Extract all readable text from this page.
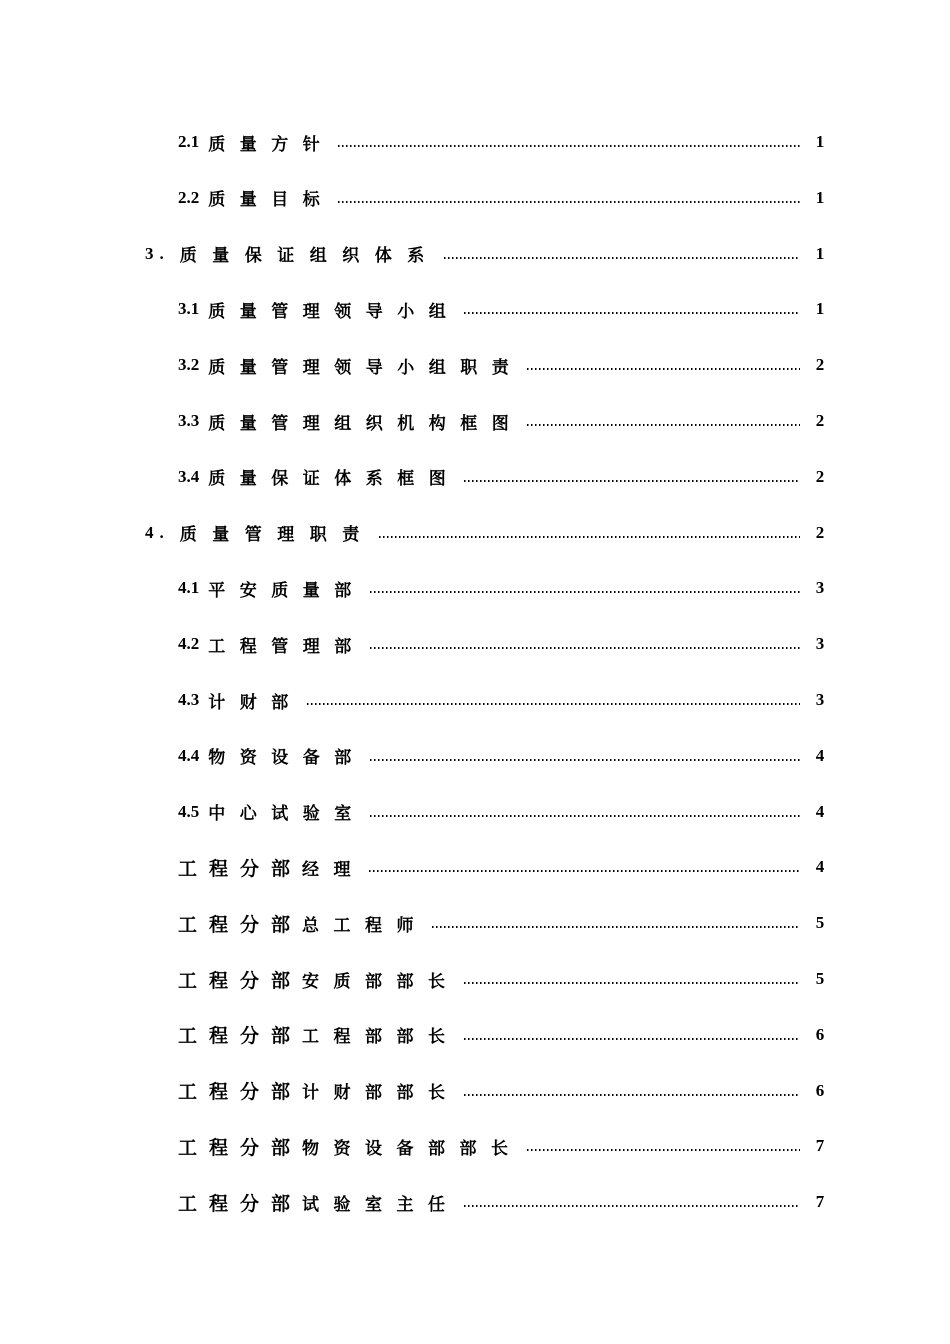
2.1 质量方针	1
2.2 质量目标	1
3. 质量保证组织体系	1
3.1 质量管理领导小组	1
3.2 质量管理领导小组职责	2
3.3 质量管理组织机构框图	2
3.4 质量保证体系框图	2
4. 质量管理职责	2
4.1 平安质量部	3
4.2 工程管理部	3
4.3 计财部	3
4.4 物资设备部	4
4.5 中心试验室	4
工程分部 经理	4
工程分部 总工程师	5
工程分部 安质部部长	5
工程分部 工程部部长	6
工程分部 计财部部长	6
工程分部 物资设备部部长	7
工程分部 试验室主任	7
